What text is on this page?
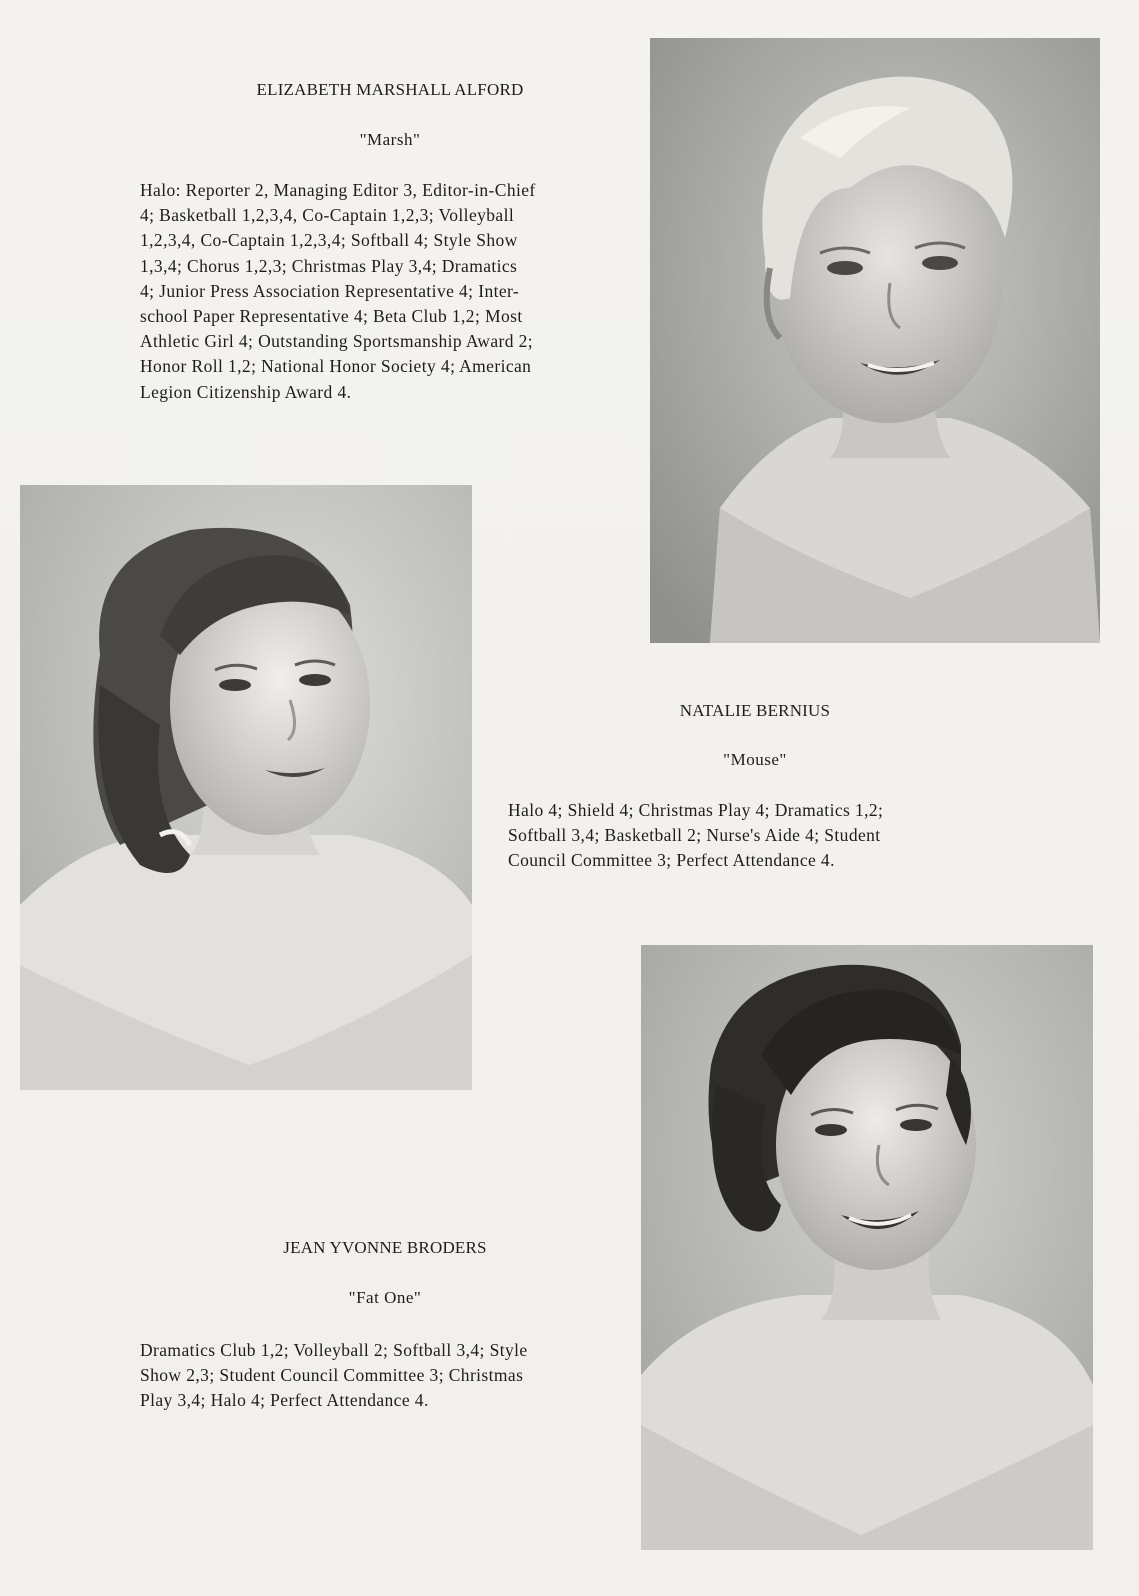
ELIZABETH MARSHALL ALFORD
"Marsh"
Halo: Reporter 2, Managing Editor 3, Editor-in-Chief
4; Basketball 1,2,3,4, Co-Captain 1,2,3; Volleyball
1,2,3,4, Co-Captain 1,2,3,4; Softball 4; Style Show
1,3,4; Chorus 1,2,3; Christmas Play 3,4; Dramatics
4; Junior Press Association Representative 4; Inter-
school Paper Representative 4; Beta Club 1,2; Most
Athletic Girl 4; Outstanding Sportsmanship Award 2;
Honor Roll 1,2; National Honor Society 4; American
Legion Citizenship Award 4.
NATALIE BERNIUS
"Mouse"
Halo 4; Shield 4; Christmas Play 4; Dramatics 1,2;
Softball 3,4; Basketball 2; Nurse's Aide 4; Student
Council Committee 3; Perfect Attendance 4.
JEAN YVONNE BRODERS
"Fat One"
Dramatics Club 1,2; Volleyball 2; Softball 3,4; Style
Show 2,3; Student Council Committee 3; Christmas
Play 3,4; Halo 4; Perfect Attendance 4.
